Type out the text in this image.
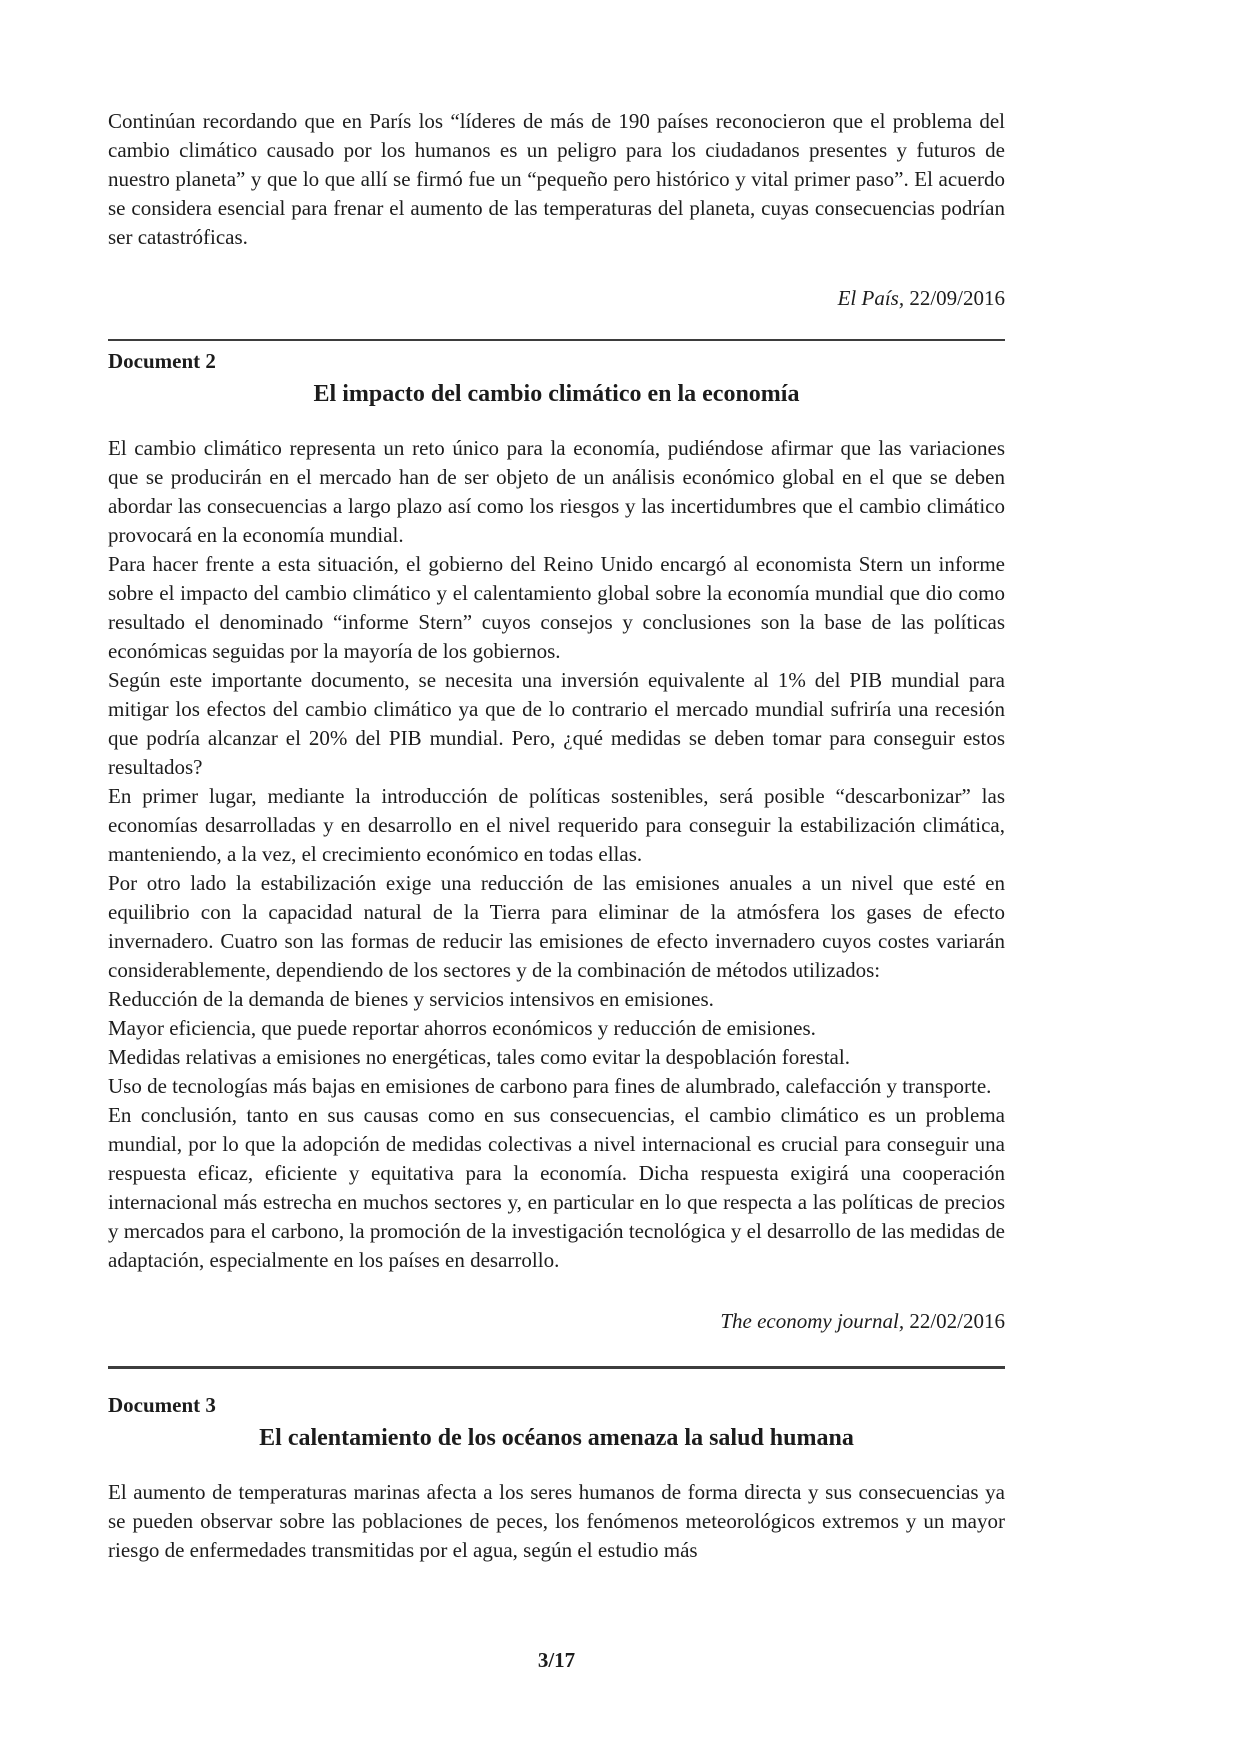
Continúan recordando que en París los “líderes de más de 190 países reconocieron que el problema del cambio climático causado por los humanos es un peligro para los ciudadanos presentes y futuros de nuestro planeta” y que lo que allí se firmó fue un “pequeño pero histórico y vital primer paso”. El acuerdo se considera esencial para frenar el aumento de las temperaturas del planeta, cuyas consecuencias podrían ser catastróficas.

El País, 22/09/2016

Document 2

El impacto del cambio climático en la economía

El cambio climático representa un reto único para la economía, pudiéndose afirmar que las variaciones que se producirán en el mercado han de ser objeto de un análisis económico global en el que se deben abordar las consecuencias a largo plazo así como los riesgos y las incertidumbres que el cambio climático provocará en la economía mundial.

Para hacer frente a esta situación, el gobierno del Reino Unido encargó al economista Stern un informe sobre el impacto del cambio climático y el calentamiento global sobre la economía mundial que dio como resultado el denominado “informe Stern” cuyos consejos y conclusiones son la base de las políticas económicas seguidas por la mayoría de los gobiernos.

Según este importante documento, se necesita una inversión equivalente al 1% del PIB mundial para mitigar los efectos del cambio climático ya que de lo contrario el mercado mundial sufriría una recesión que podría alcanzar el 20% del PIB mundial. Pero, ¿qué medidas se deben tomar para conseguir estos resultados?

En primer lugar, mediante la introducción de políticas sostenibles, será posible “descarbonizar” las economías desarrolladas y en desarrollo en el nivel requerido para conseguir la estabilización climática, manteniendo, a la vez, el crecimiento económico en todas ellas.

Por otro lado la estabilización exige una reducción de las emisiones anuales a un nivel que esté en equilibrio con la capacidad natural de la Tierra para eliminar de la atmósfera los gases de efecto invernadero. Cuatro son las formas de reducir las emisiones de efecto invernadero cuyos costes variarán considerablemente, dependiendo de los sectores y de la combinación de métodos utilizados:

Reducción de la demanda de bienes y servicios intensivos en emisiones.

Mayor eficiencia, que puede reportar ahorros económicos y reducción de emisiones.

Medidas relativas a emisiones no energéticas, tales como evitar la despoblación forestal.

Uso de tecnologías más bajas en emisiones de carbono para fines de alumbrado, calefacción y transporte.

En conclusión, tanto en sus causas como en sus consecuencias, el cambio climático es un problema mundial, por lo que la adopción de medidas colectivas a nivel internacional es crucial para conseguir una respuesta eficaz, eficiente y equitativa para la economía. Dicha respuesta exigirá una cooperación internacional más estrecha en muchos sectores y, en particular en lo que respecta a las políticas de precios y mercados para el carbono, la promoción de la investigación tecnológica y el desarrollo de las medidas de adaptación, especialmente en los países en desarrollo.

The economy journal, 22/02/2016

Document 3

El calentamiento de los océanos amenaza la salud humana

El aumento de temperaturas marinas afecta a los seres humanos de forma directa y sus consecuencias ya se pueden observar sobre las poblaciones de peces, los fenómenos meteorológicos extremos y un mayor riesgo de enfermedades transmitidas por el agua, según el estudio más

3/17
